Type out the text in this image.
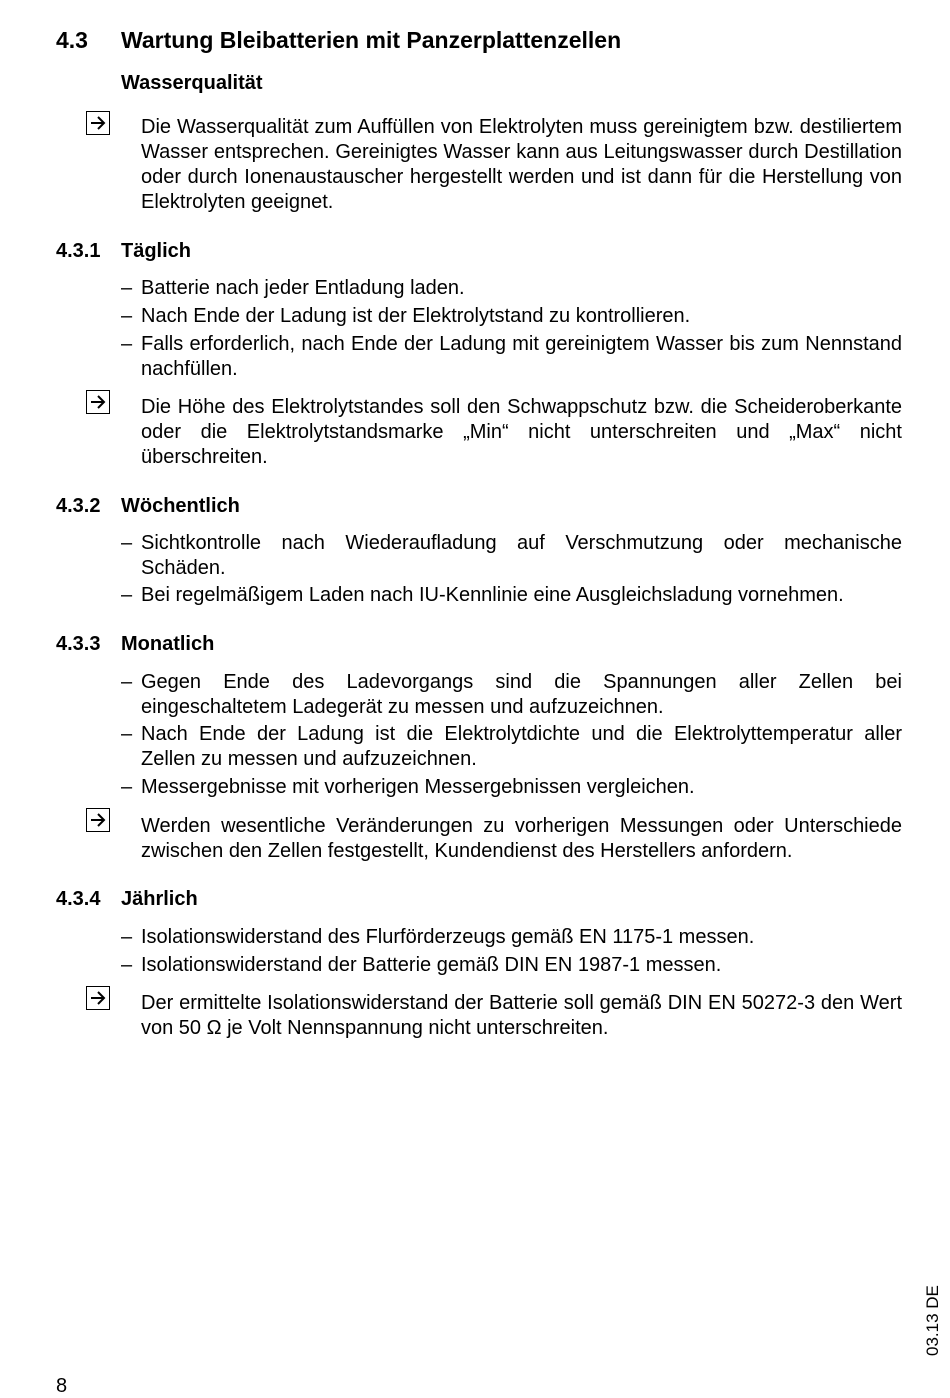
4.3 Wartung Bleibatterien mit Panzerplattenzellen
Wasserqualität

Die Wasserqualität zum Auffüllen von Elektrolyten muss gereinigtem bzw. destiliertem Wasser entsprechen. Gereinigtes Wasser kann aus Leitungswasser durch Destillation oder durch Ionenaustauscher hergestellt werden und ist dann für die Herstellung von Elektrolyten geeignet.

4.3.1 Täglich
– Batterie nach jeder Entladung laden.
– Nach Ende der Ladung ist der Elektrolytstand zu kontrollieren.
– Falls erforderlich, nach Ende der Ladung mit gereinigtem Wasser bis zum Nennstand nachfüllen.

Die Höhe des Elektrolytstandes soll den Schwappschutz bzw. die Scheideroberkante oder die Elektrolytstandsmarke „Min“ nicht unterschreiten und „Max“ nicht überschreiten.

4.3.2 Wöchentlich
– Sichtkontrolle nach Wiederaufladung auf Verschmutzung oder mechanische Schäden.
– Bei regelmäßigem Laden nach IU-Kennlinie eine Ausgleichsladung vornehmen.
4.3.3 Monatlich
– Gegen Ende des Ladevorgangs sind die Spannungen aller Zellen bei eingeschaltetem Ladegerät zu messen und aufzuzeichnen.
– Nach Ende der Ladung ist die Elektrolytdichte und die Elektrolyttemperatur aller Zellen zu messen und aufzuzeichnen.
– Messergebnisse mit vorherigen Messergebnissen vergleichen.

Werden wesentliche Veränderungen zu vorherigen Messungen oder Unterschiede zwischen den Zellen festgestellt, Kundendienst des Herstellers anfordern.

4.3.4 Jährlich
– Isolationswiderstand des Flurförderzeugs gemäß EN 1175-1 messen.
– Isolationswiderstand der Batterie gemäß DIN EN 1987-1 messen.

Der ermittelte Isolationswiderstand der Batterie soll gemäß DIN EN 50272-3 den Wert von 50 Ω je Volt Nennspannung nicht unterschreiten.

03.13 DE
8
